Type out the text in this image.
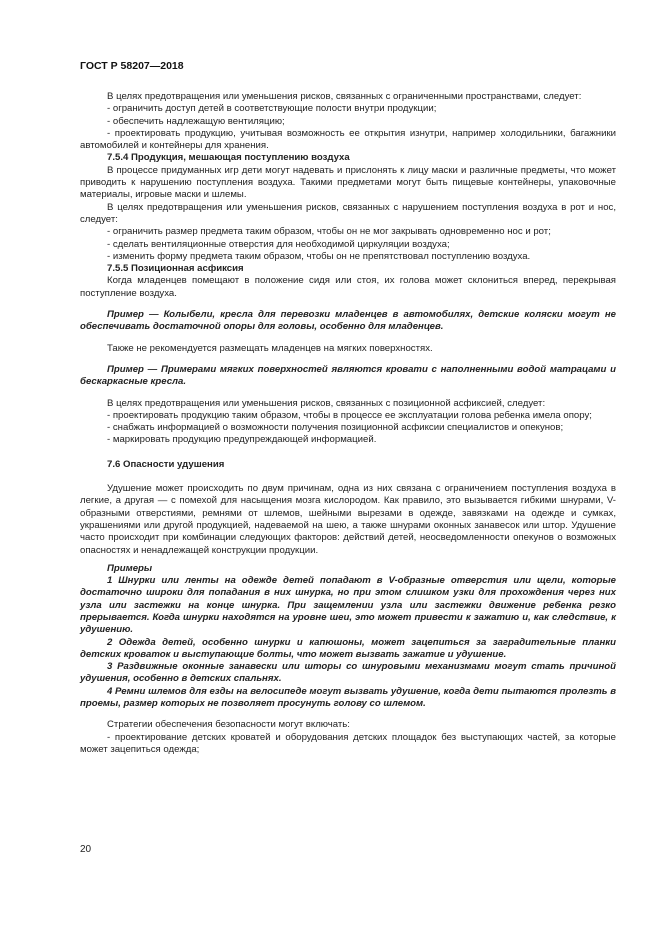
ГОСТ Р 58207—2018

В целях предотвращения или уменьшения рисков, связанных с ограниченными пространствами, следует:

- ограничить доступ детей в соответствующие полости внутри продукции;

- обеспечить надлежащую вентиляцию;

- проектировать продукцию, учитывая возможность ее открытия изнутри, например холодильники, багажники автомобилей и контейнеры для хранения.

7.5.4 Продукция, мешающая поступлению воздуха

В процессе придуманных игр дети могут надевать и прислонять к лицу маски и различные предметы, что может приводить к нарушению поступления воздуха. Такими предметами могут быть пищевые контейнеры, упаковочные материалы, игровые маски и шлемы.

В целях предотвращения или уменьшения рисков, связанных с нарушением поступления воздуха в рот и нос, следует:

- ограничить размер предмета таким образом, чтобы он не мог закрывать одновременно нос и рот;

- сделать вентиляционные отверстия для необходимой циркуляции воздуха;

- изменить форму предмета таким образом, чтобы он не препятствовал поступлению воздуха.

7.5.5 Позиционная асфиксия

Когда младенцев помещают в положение сидя или стоя, их голова может склониться вперед, перекрывая поступление воздуха.

Пример — Колыбели, кресла для перевозки младенцев в автомобилях, детские коляски могут не обеспечивать достаточной опоры для головы, особенно для младенцев.

Также не рекомендуется размещать младенцев на мягких поверхностях.

Пример — Примерами мягких поверхностей являются кровати с наполненными водой матрацами и бескаркасные кресла.

В целях предотвращения или уменьшения рисков, связанных с позиционной асфиксией, следует:

- проектировать продукцию таким образом, чтобы в процессе ее эксплуатации голова ребенка имела опору;

- снабжать информацией о возможности получения позиционной асфиксии специалистов и опекунов;

- маркировать продукцию предупреждающей информацией.

7.6 Опасности удушения

Удушение может происходить по двум причинам, одна из них связана с ограничением поступления воздуха в легкие, а другая — с помехой для насыщения мозга кислородом. Как правило, это вызывается гибкими шнурами, V-образными отверстиями, ремнями от шлемов, шейными вырезами в одежде, завязками на одежде и сумках, украшениями или другой продукцией, надеваемой на шею, а также шнурами оконных занавесок или штор. Удушение часто происходит при комбинации следующих факторов: действий детей, неосведомленности опекунов о возможных опасностях и ненадлежащей конструкции продукции.

Примеры

1 Шнурки или ленты на одежде детей попадают в V-образные отверстия или щели, которые достаточно широки для попадания в них шнурка, но при этом слишком узки для прохождения через них узла или застежки на конце шнурка. При защемлении узла или застежки движение ребенка резко прерывается. Когда шнурки находятся на уровне шеи, это может привести к зажатию и, как следствие, к удушению.

2 Одежда детей, особенно шнурки и капюшоны, может зацепиться за заградительные планки детских кроваток и выступающие болты, что может вызвать зажатие и удушение.

3 Раздвижные оконные занавески или шторы со шнуровыми механизмами могут стать причиной удушения, особенно в детских спальнях.

4 Ремни шлемов для езды на велосипеде могут вызвать удушение, когда дети пытаются пролезть в проемы, размер которых не позволяет просунуть голову со шлемом.

Стратегии обеспечения безопасности могут включать:

- проектирование детских кроватей и оборудования детских площадок без выступающих частей, за которые может зацепиться одежда;

20
